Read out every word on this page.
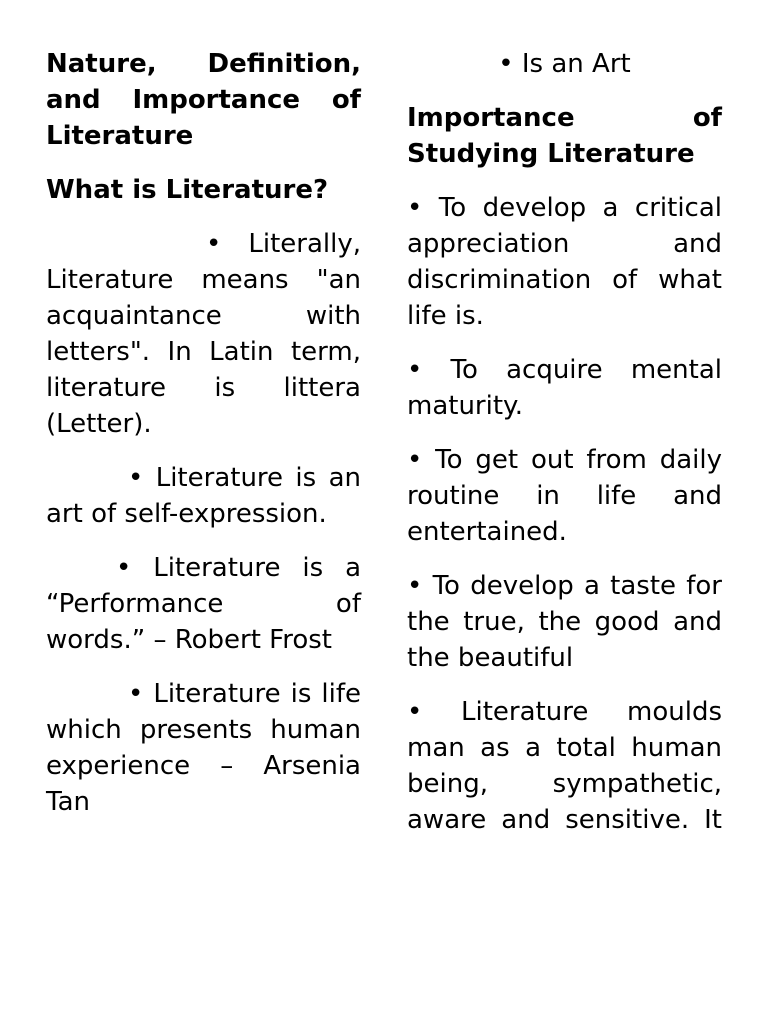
Nature, Definition, and Importance of Literature
What is Literature?
• Literally, Literature means "an acquaintance with letters". In Latin term, literature is littera (Letter).
• Literature is an art of self-expression.
• Literature is a “Performance of words.” – Robert Frost
• Literature is life which presents human experience – Arsenia Tan
• Is an Art
Importance of Studying Literature
• To develop a critical appreciation and discrimination of what life is.
• To acquire mental maturity.
• To get out from daily routine in life and entertained.
• To develop a taste for the true, the good and the beautiful
• Literature moulds man as a total human being, sympathetic, aware and sensitive. It
